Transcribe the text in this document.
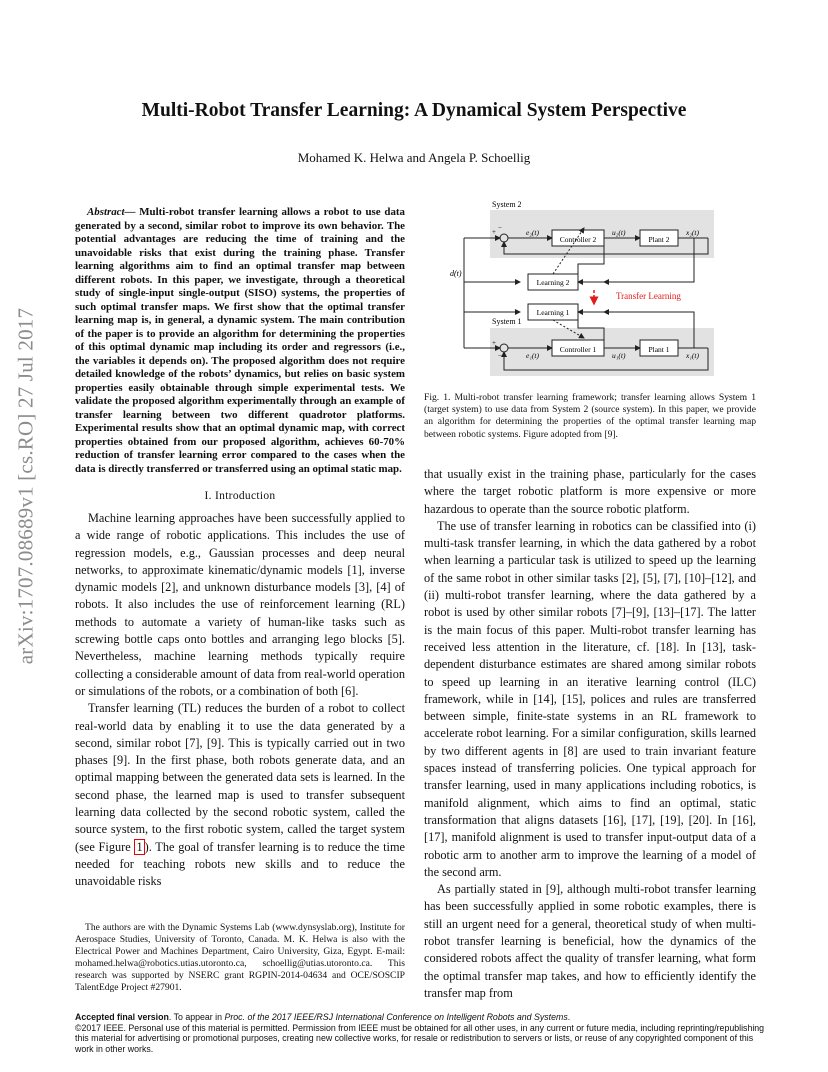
Multi-Robot Transfer Learning: A Dynamical System Perspective
Mohamed K. Helwa and Angela P. Schoellig
arXiv:1707.08689v1 [cs.RO] 27 Jul 2017

Abstract— Multi-robot transfer learning allows a robot to use data generated by a second, similar robot to improve its own behavior. The potential advantages are reducing the time of training and the unavoidable risks that exist during the training phase. Transfer learning algorithms aim to find an optimal transfer map between different robots. In this paper, we investigate, through a theoretical study of single-input single-output (SISO) systems, the properties of such optimal transfer maps. We first show that the optimal transfer learning map is, in general, a dynamic system. The main contribution of the paper is to provide an algorithm for determining the properties of this optimal dynamic map including its order and regressors (i.e., the variables it depends on). The proposed algorithm does not require detailed knowledge of the robots’ dynamics, but relies on basic system properties easily obtainable through simple experimental tests. We validate the proposed algorithm experimentally through an example of transfer learning between two different quadrotor platforms. Experimental results show that an optimal dynamic map, with correct properties obtained from our proposed algorithm, achieves 60-70% reduction of transfer learning error compared to the cases when the data is directly transferred or transferred using an optimal static map.

I. Introduction

Machine learning approaches have been successfully applied to a wide range of robotic applications. This includes the use of regression models, e.g., Gaussian processes and deep neural networks, to approximate kinematic/dynamic models [1], inverse dynamic models [2], and unknown disturbance models [3], [4] of robots. It also includes the use of reinforcement learning (RL) methods to automate a variety of human-like tasks such as screwing bottle caps onto bottles and arranging lego blocks [5]. Nevertheless, machine learning methods typically require collecting a considerable amount of data from real-world operation or simulations of the robots, or a combination of both [6].

Transfer learning (TL) reduces the burden of a robot to collect real-world data by enabling it to use the data generated by a second, similar robot [7], [9]. This is typically carried out in two phases [9]. In the first phase, both robots generate data, and an optimal mapping between the generated data sets is learned. In the second phase, the learned map is used to transfer subsequent learning data collected by the second robotic system, called the source system, to the first robotic system, called the target system (see Figure 1 ). The goal of transfer learning is to reduce the time needed for teaching robots new skills and to reduce the unavoidable risks

The authors are with the Dynamic Systems Lab (www.dynsyslab.org), Institute for Aerospace Studies, University of Toronto, Canada. M. K. Helwa is also with the Electrical Power and Machines Department, Cairo University, Giza, Egypt. E-mail: mohamed.helwa@robotics.utias.utoronto.ca, schoellig@utias.utoronto.ca. This research was supported by NSERC grant RGPIN-2014-04634 and OCE/SOSCIP TalentEdge Project #27901.

System 2
System 1
d(t)
+ −
+
−
e₂(t)
Controller 2
u₂(t)
Plant 2
x₂(t)
e₁(t)
Controller 1
u₁(t)
Plant 1
x₁(t)
Learning 2
Learning 1
Transfer Learning

Fig. 1. Multi-robot transfer learning framework; transfer learning allows System 1 (target system) to use data from System 2 (source system). In this paper, we provide an algorithm for determining the properties of the optimal transfer learning map between robotic systems. Figure adopted from [9].

that usually exist in the training phase, particularly for the cases where the target robotic platform is more expensive or more hazardous to operate than the source robotic platform.

The use of transfer learning in robotics can be classified into (i) multi-task transfer learning, in which the data gathered by a robot when learning a particular task is utilized to speed up the learning of the same robot in other similar tasks [2], [5], [7], [10]–[12], and (ii) multi-robot transfer learning, where the data gathered by a robot is used by other similar robots [7]–[9], [13]–[17]. The latter is the main focus of this paper. Multi-robot transfer learning has received less attention in the literature, cf. [18]. In [13], task-dependent disturbance estimates are shared among similar robots to speed up learning in an iterative learning control (ILC) framework, while in [14], [15], polices and rules are transferred between simple, finite-state systems in an RL framework to accelerate robot learning. For a similar configuration, skills learned by two different agents in [8] are used to train invariant feature spaces instead of transferring policies. One typical approach for transfer learning, used in many applications including robotics, is manifold alignment, which aims to find an optimal, static transformation that aligns datasets [16], [17], [19], [20]. In [16], [17], manifold alignment is used to transfer input-output data of a robotic arm to another arm to improve the learning of a model of the second arm.

As partially stated in [9], although multi-robot transfer learning has been successfully applied in some robotic examples, there is still an urgent need for a general, theoretical study of when multi-robot transfer learning is beneficial, how the dynamics of the considered robots affect the quality of transfer learning, what form the optimal transfer map takes, and how to efficiently identify the transfer map from

Accepted final version. To appear in Proc. of the 2017 IEEE/RSJ International Conference on Intelligent Robots and Systems.
©2017 IEEE. Personal use of this material is permitted. Permission from IEEE must be obtained for all other uses, in any current or future media, including reprinting/republishing this material for advertising or promotional purposes, creating new collective works, for resale or redistribution to servers or lists, or reuse of any copyrighted component of this work in other works.
